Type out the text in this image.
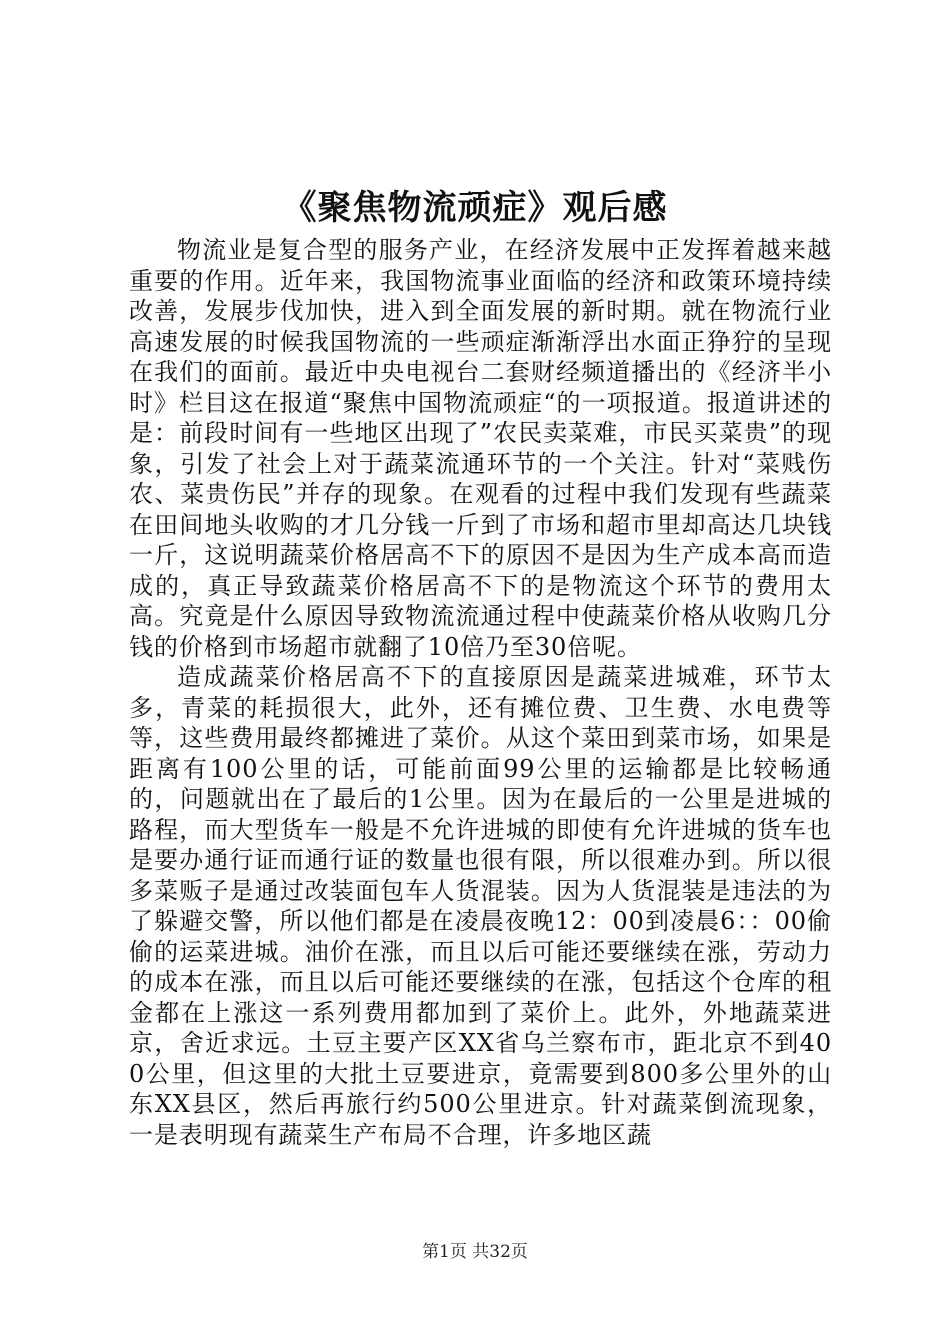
《聚焦物流顽症》观后感

物流业是复合型的服务产业，在经济发展中正发挥着越来越重要的作用。近年来，我国物流事业面临的经济和政策环境持续改善，发展步伐加快，进入到全面发展的新时期。就在物流行业高速发展的时候我国物流的一些顽症渐渐浮出水面正狰狞的呈现在我们的面前。最近中央电视台二套财经频道播出的《经济半小时》栏目这在报道“聚焦中国物流顽症“的一项报道。报道讲述的是：前段时间有一些地区出现了”农民卖菜难，市民买菜贵”的现象，引发了社会上对于蔬菜流通环节的一个关注。针对“菜贱伤农、菜贵伤民”并存的现象。在观看的过程中我们发现有些蔬菜在田间地头收购的才几分钱一斤到了市场和超市里却高达几块钱一斤，这说明蔬菜价格居高不下的原因不是因为生产成本高而造成的，真正导致蔬菜价格居高不下的是物流这个环节的费用太高。究竟是什么原因导致物流流通过程中使蔬菜价格从收购几分钱的价格到市场超市就翻了10倍乃至30倍呢。

造成蔬菜价格居高不下的直接原因是蔬菜进城难，环节太多，青菜的耗损很大，此外，还有摊位费、卫生费、水电费等等，这些费用最终都摊进了菜价。从这个菜田到菜市场，如果是距离有100公里的话，可能前面99公里的运输都是比较畅通的，问题就出在了最后的1公里。因为在最后的一公里是进城的路程，而大型货车一般是不允许进城的即使有允许进城的货车也是要办通行证而通行证的数量也很有限，所以很难办到。所以很多菜贩子是通过改装面包车人货混装。因为人货混装是违法的为了躲避交警，所以他们都是在凌晨夜晚12：00到凌晨6：：00偷偷的运菜进城。油价在涨，而且以后可能还要继续在涨，劳动力的成本在涨，而且以后可能还要继续的在涨，包括这个仓库的租金都在上涨这一系列费用都加到了菜价上。此外，外地蔬菜进京，舍近求远。土豆主要产区XX省乌兰察布市，距北京不到400公里，但这里的大批土豆要进京，竟需要到800多公里外的山东XX县区，然后再旅行约500公里进京。针对蔬菜倒流现象，一是表明现有蔬菜生产布局不合理，许多地区蔬

第1页 共32页
